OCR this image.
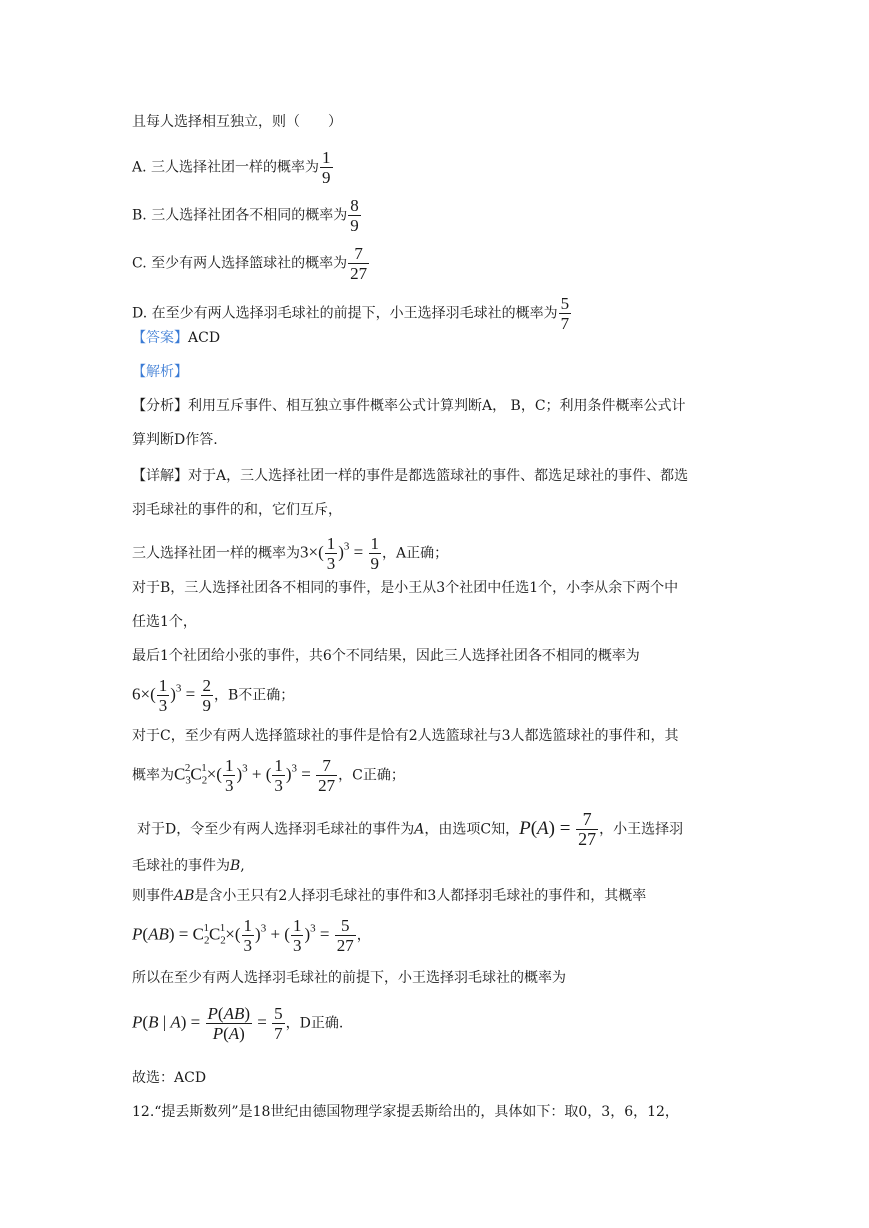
且每人选择相互独立，则（　　）
A. 三人选择社团一样的概率为 $\frac{1}{9}$
B. 三人选择社团各不相同的概率为 $\frac{8}{9}$
C. 至少有两人选择篮球社的概率为 $\frac{7}{27}$
D. 在至少有两人选择羽毛球社的前提下，小王选择羽毛球社的概率为 $\frac{5}{7}$
【答案】ACD
【解析】
【分析】利用互斥事件、相互独立事件概率公式计算判断A， B，C；利用条件概率公式计
算判断D作答.
【详解】对于A，三人选择社团一样的事件是都选篮球社的事件、都选足球社的事件、都选
羽毛球社的事件的和，它们互斥，
三人选择社团一样的概率为$3\times( \frac{1}{3} )^3 = \frac{1}{9}$ ，A正确；
对于B，三人选择社团各不相同的事件，是小王从3个社团中任选1个，小李从余下两个中
任选1个，
最后1个社团给小张的事件，共6个不同结果，因此三人选择社团各不相同的概率为
$6\times( \frac{1}{3} )^3 = \frac{2}{9}$ ，B不正确；
对于C，至少有两人选择篮球社的事件是恰有2人选篮球社与3人都选篮球社的事件和，其
概率为$C_3^2C_2^1\times( \frac{1}{3} )^3$ + ( $\frac{1}{3} )^3 = \frac{7}{27}$ ，C正确；
对于D，令至少有两人选择羽毛球社的事件为A，由选项C知，$P(A) = \frac{7}{27}$ ，小王选择羽
毛球社的事件为B,
则事件AB是含小王只有2人择羽毛球社的事件和3人都择羽毛球社的事件和，其概率
$P(AB) = C_2^1C_2^1\times( \frac{1}{3} )^3$ + ( $\frac{1}{3} )^3 = \frac{5}{27}$ ，
所以在至少有两人选择羽毛球社的前提下，小王选择羽毛球社的概率为
P(B | $A) = \frac{P(AB)}{P(A)} = \frac{5}{7}$ ，D正确.
故选：ACD
12.“提丢斯数列”是18世纪由德国物理学家提丢斯给出的，具体如下：取0，3，6，12，
